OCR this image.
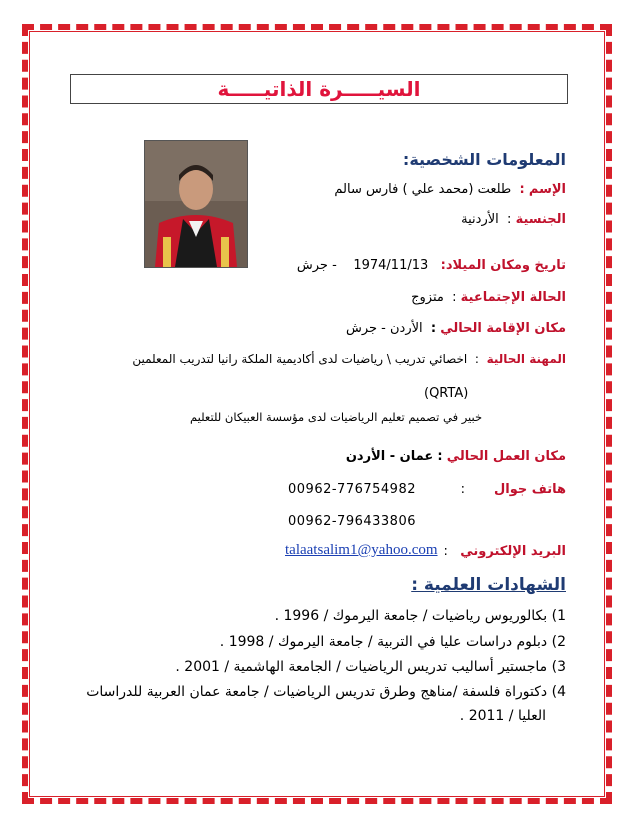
السيـــــرة الذاتيـــــة
المعلومات الشخصية:
الإسم :  طلعت (محمد علي ) فارس سالم
الجنسية :  الأردنية
تاريخ ومكان الميلاد:   1974/11/13    - جرش
الحالة الإجتماعية :  متزوج
مكان الإقامة الحالي :  الأردن - جرش
المهنة الحالية  :  اخصائي تدريب \ رياضيات لدى أكاديمية الملكة رانيا لتدريب المعلمين
(QRTA)
خبير في تصميم تعليم الرياضيات لدى مؤسسة العبيكان للتعليم
مكان العمل الحالي : عمان - الأردن
هاتف جوال       :
00962-776754982
00962-796433806
البريد الإلكتروني   :
talaatsalim1@yahoo.com
الشهادات العلمية :
1) بكالوريوس رياضيات / جامعة اليرموك / 1996 .
2) دبلوم دراسات عليا في التربية / جامعة اليرموك / 1998 .
3) ماجستير أساليب تدريس الرياضيات / الجامعة الهاشمية / 2001 .
4) دكتوراة فلسفة /مناهج وطرق تدريس الرياضيات / جامعة عمان العربية للدراسات
العليا / 2011 .
